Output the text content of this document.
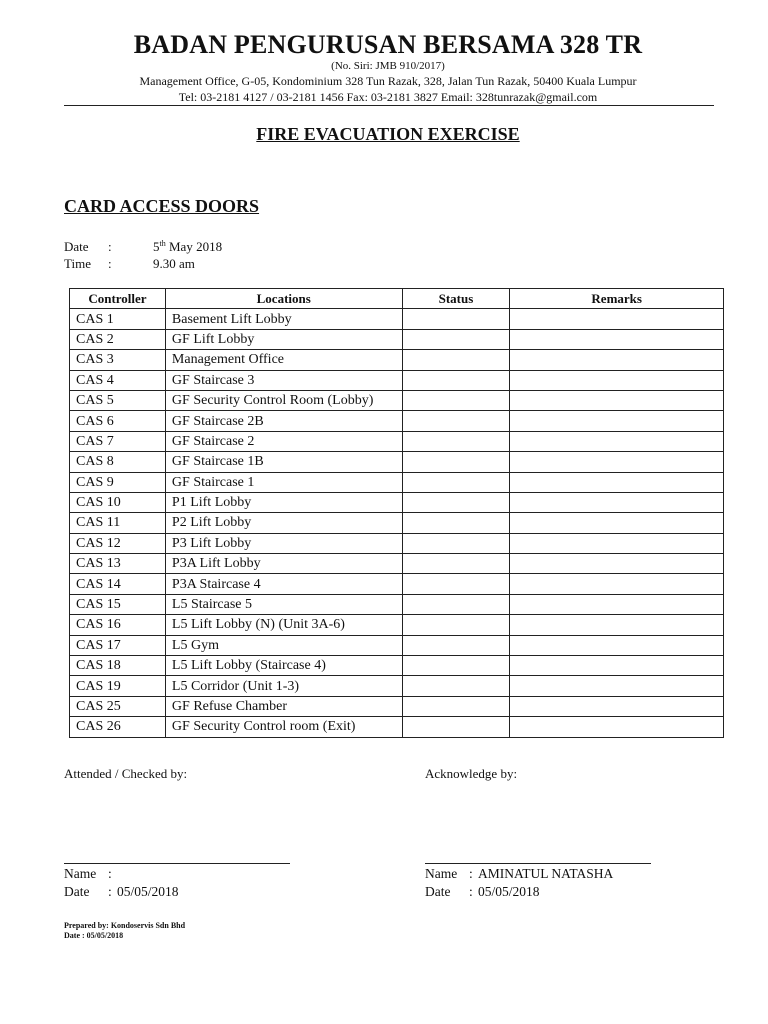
BADAN PENGURUSAN BERSAMA 328 TR
(No. Siri: JMB 910/2017)
Management Office, G-05, Kondominium 328 Tun Razak, 328, Jalan Tun Razak, 50400 Kuala Lumpur
Tel: 03-2181 4127 / 03-2181 1456 Fax: 03-2181 3827 Email: 328tunrazak@gmail.com
FIRE EVACUATION EXERCISE
CARD ACCESS DOORS
Date	:	5th May 2018
Time	:	9.30 am
Controller	Locations	Status	Remarks
CAS 1	Basement Lift Lobby		
CAS 2	GF Lift Lobby		
CAS 3	Management Office		
CAS 4	GF Staircase 3		
CAS 5	GF Security Control Room (Lobby)		
CAS 6	GF Staircase 2B		
CAS 7	GF Staircase 2		
CAS 8	GF Staircase 1B		
CAS 9	GF Staircase 1		
CAS 10	P1 Lift Lobby		
CAS 11	P2 Lift Lobby		
CAS 12	P3 Lift Lobby		
CAS 13	P3A Lift Lobby		
CAS 14	P3A Staircase 4		
CAS 15	L5 Staircase 5		
CAS 16	L5 Lift Lobby (N) (Unit 3A-6)		
CAS 17	L5 Gym		
CAS 18	L5 Lift Lobby (Staircase 4)		
CAS 19	L5 Corridor (Unit 1-3)		
CAS 25	GF Refuse Chamber		
CAS 26	GF Security Control room (Exit)		
Attended / Checked by:	Acknowledge by:
Name :
Date	: 05/05/2018
Name : AMINATUL NATASHA
Date	: 05/05/2018
Prepared by: Kondoservis Sdn Bhd
Date : 05/05/2018
